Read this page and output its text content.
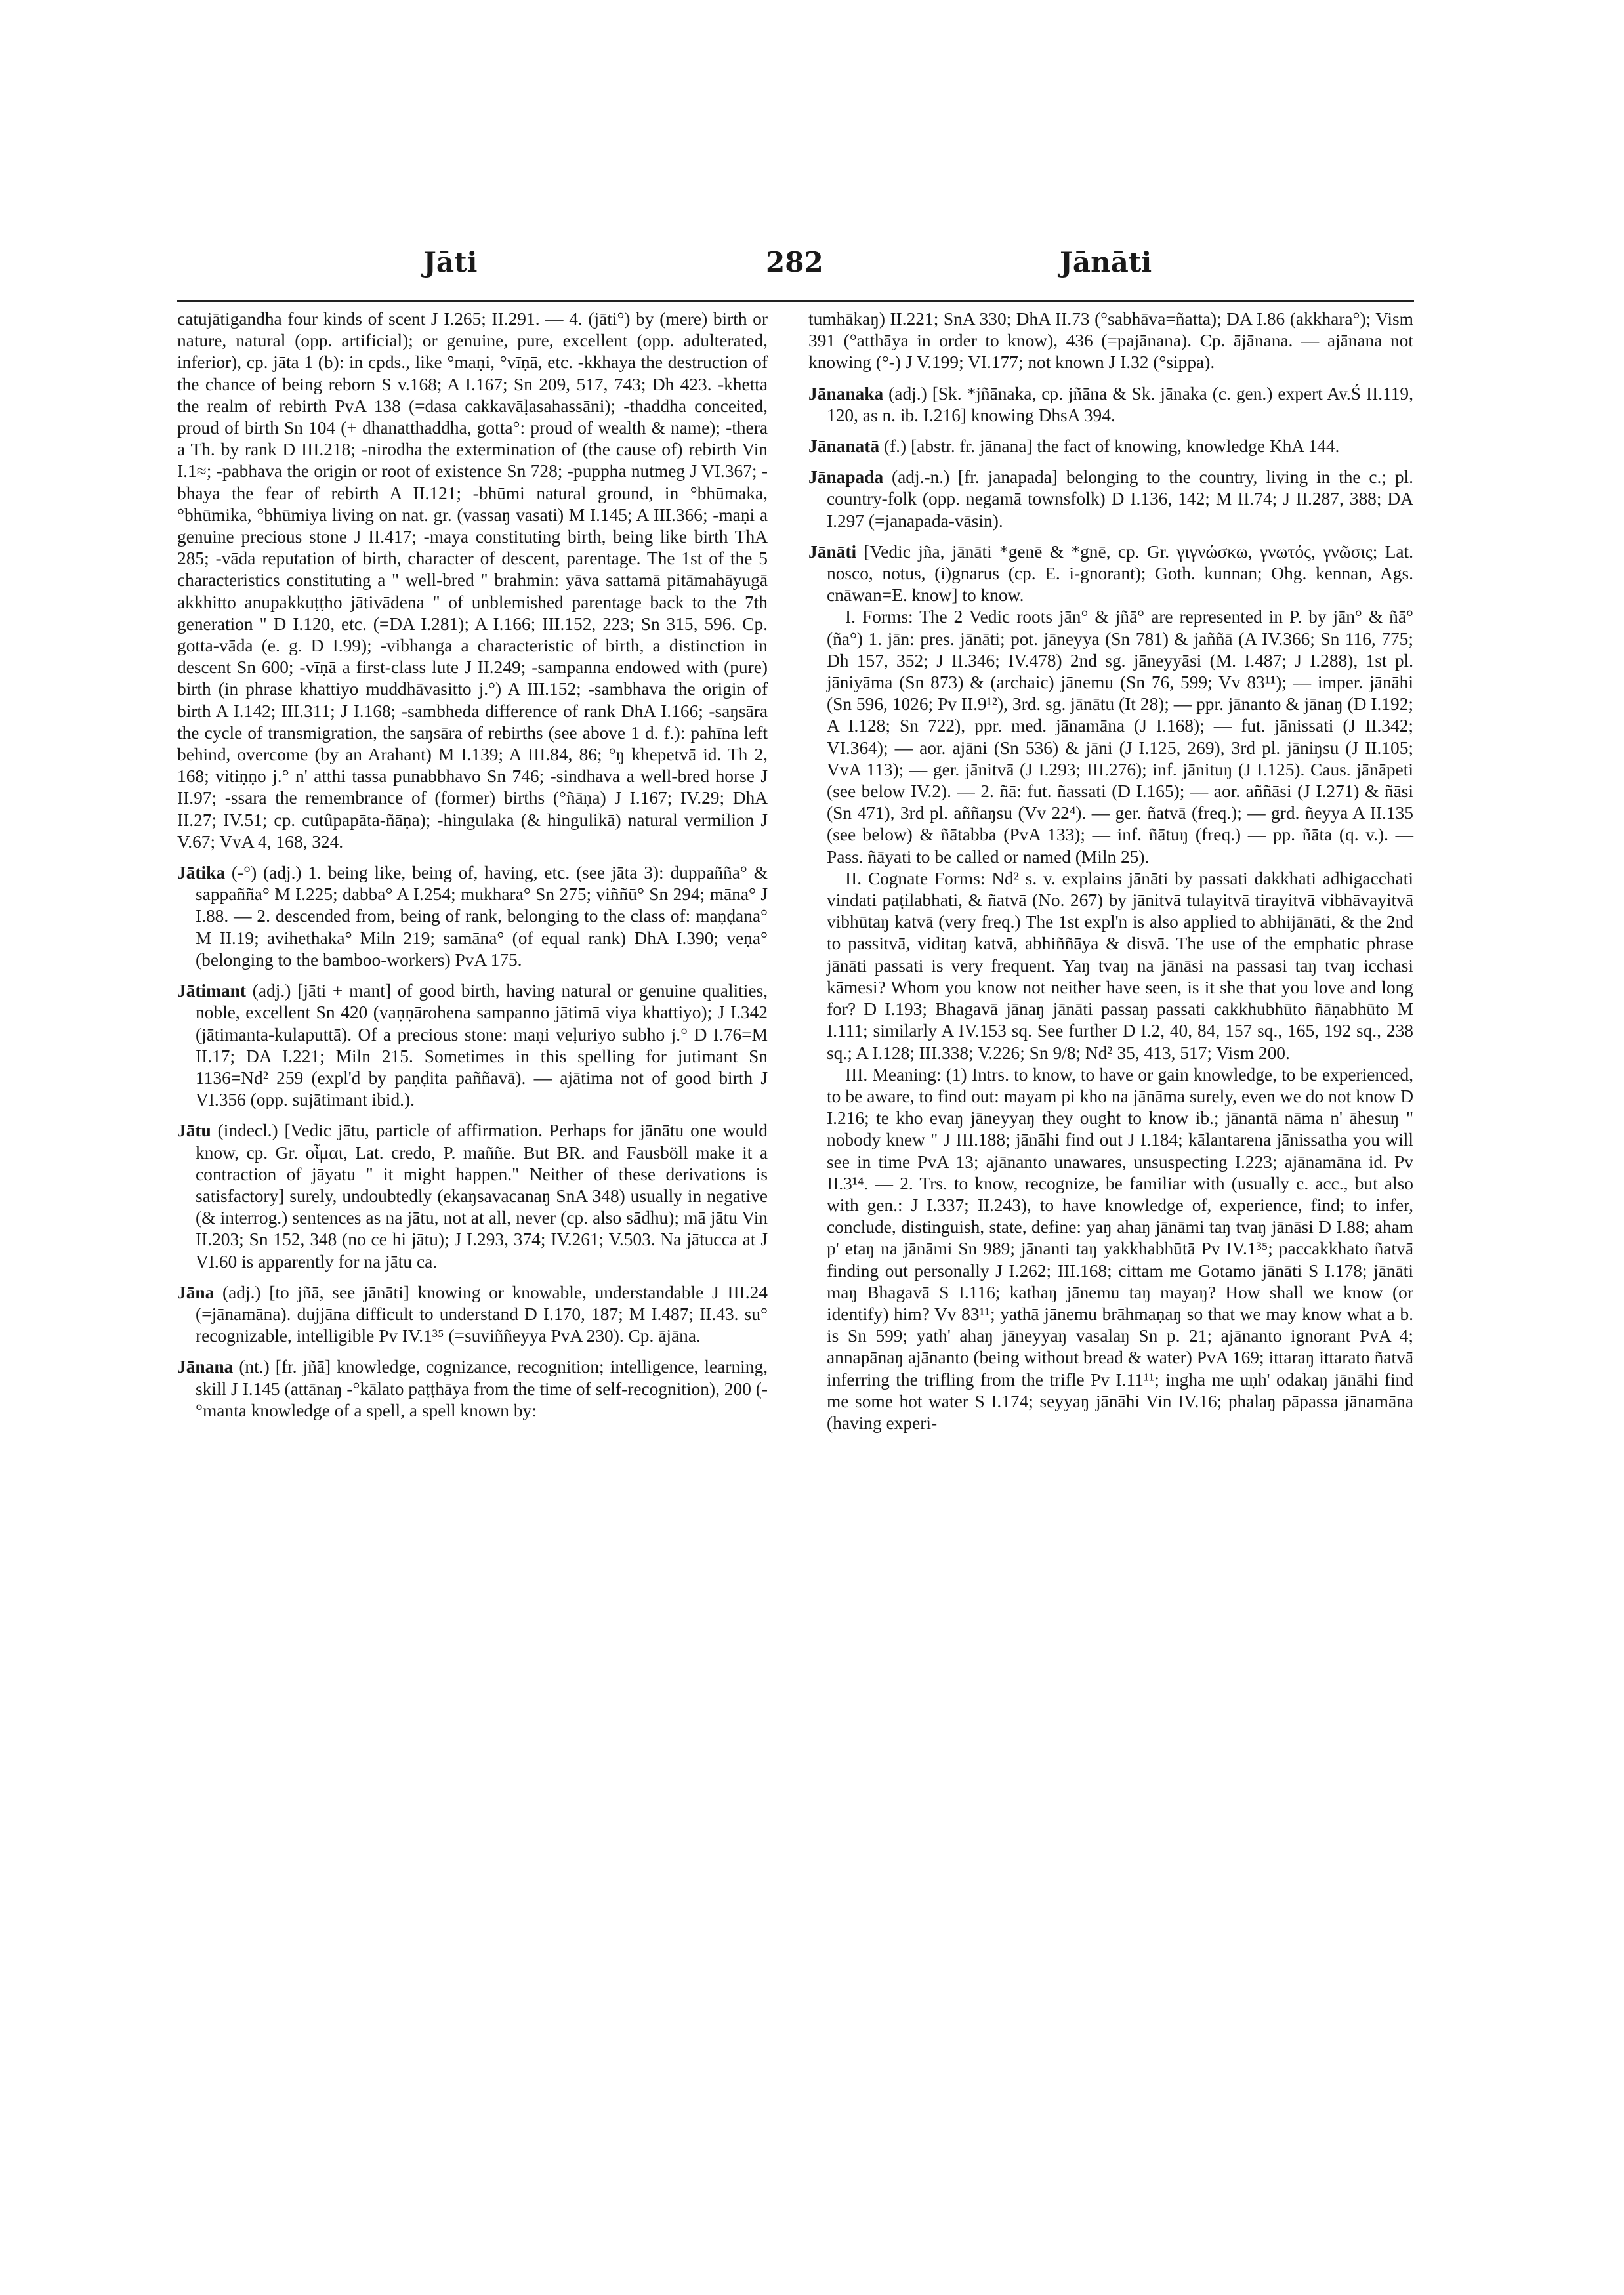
Jāti	282	Jānāti
catujātigandha four kinds of scent J I.265; II.291. — 4. (jāti°) by (mere) birth or nature, natural (opp. artificial); or genuine, pure, excellent (opp. adulterated, inferior), cp. jāta 1 (b): in cpds., like °maṇi, °vīṇā, etc. -kkhaya the destruction of the chance of being reborn S v.168; A I.167; Sn 209, 517, 743; Dh 423. -khetta the realm of rebirth PvA 138 (=dasa cakkavāḷasahassāni); -thaddha conceited, proud of birth Sn 104 (+ dhanatthaddha, gotta°: proud of wealth & name); -thera a Th. by rank D III.218; -nirodha the extermination of (the cause of) rebirth Vin I.1≈; -pabhava the origin or root of existence Sn 728; -puppha nutmeg J VI.367; -bhaya the fear of rebirth A II.121; -bhūmi natural ground, in °bhūmaka, °bhūmika, °bhūmiya living on nat. gr. (vassaŋ vasati) M I.145; A III.366; -maṇi a genuine precious stone J II.417; -maya constituting birth, being like birth ThA 285; -vāda reputation of birth, character of descent, parentage. The 1st of the 5 characteristics constituting a " well-bred " brahmin: yāva sattamā pitāmahāyugā akkhitto anupakkuṭṭho jātivādena " of unblemished parentage back to the 7th generation " D I.120, etc. (=DA I.281); A I.166; III.152, 223; Sn 315, 596. Cp. gotta-vāda (e. g. D I.99); -vibhanga a characteristic of birth, a distinction in descent Sn 600; -vīṇā a first-class lute J II.249; -sampanna endowed with (pure) birth (in phrase khattiyo muddhāvasitto j.°) A III.152; -sambhava the origin of birth A I.142; III.311; J I.168; -sambheda difference of rank DhA I.166; -saŋsāra the cycle of transmigration, the saŋsāra of rebirths (see above 1 d. f.): pahīna left behind, overcome (by an Arahant) M I.139; A III.84, 86; °ŋ khepetvā id. Th 2, 168; vitiṇṇo j.° n' atthi tassa punabbhavo Sn 746; -sindhava a well-bred horse J II.97; -ssara the remembrance of (former) births (°ñāṇa) J I.167; IV.29; DhA II.27; IV.51; cp. cutûpapāta-ñāṇa); -hingulaka (& hingulikā) natural vermilion J V.67; VvA 4, 168, 324.
Jātika (-°) (adj.) 1. being like, being of, having, etc. (see jāta 3): duppañña° & sappañña° M I.225; dabba° A I.254; mukhara° Sn 275; viññū° Sn 294; māna° J I.88. — 2. descended from, being of rank, belonging to the class of: maṇḍana° M II.19; avihethaka° Miln 219; samāna° (of equal rank) DhA I.390; veṇa° (belonging to the bamboo-workers) PvA 175.
Jātimant (adj.) [jāti + mant] of good birth, having natural or genuine qualities, noble, excellent Sn 420 (vaṇṇārohena sampanno jātimā viya khattiyo); J I.342 (jātimanta-kulaputtā). Of a precious stone: maṇi veḷuriyo subho j.° D I.76=M II.17; DA I.221; Miln 215. Sometimes in this spelling for jutimant Sn 1136=Nd² 259 (expl'd by paṇḍita paññavā). — ajātima not of good birth J VI.356 (opp. sujātimant ibid.).
Jātu (indecl.) [Vedic jātu, particle of affirmation. Perhaps for jānātu one would know, cp. Gr. οἶμαι, Lat. credo, P. maññe. But BR. and Fausböll make it a contraction of jāyatu " it might happen." Neither of these derivations is satisfactory] surely, undoubtedly (ekaŋsavacanaŋ SnA 348) usually in negative (& interrog.) sentences as na jātu, not at all, never (cp. also sādhu); mā jātu Vin II.203; Sn 152, 348 (no ce hi jātu); J I.293, 374; IV.261; V.503. Na jātucca at J VI.60 is apparently for na jātu ca.
Jāna (adj.) [to jñā, see jānāti] knowing or knowable, understandable J III.24 (=jānamāna). dujjāna difficult to understand D I.170, 187; M I.487; II.43. su° recognizable, intelligible Pv IV.1³⁵ (=suviññeyya PvA 230). Cp. ājāna.
Jānana (nt.) [fr. jñā] knowledge, cognizance, recognition; intelligence, learning, skill J I.145 (attānaŋ -°kālato paṭṭhāya from the time of self-recognition), 200 (-°manta knowledge of a spell, a spell known by:
tumhākaŋ) II.221; SnA 330; DhA II.73 (°sabhāva=ñatta); DA I.86 (akkhara°); Vism 391 (°atthāya in order to know), 436 (=pajānana). Cp. ājānana. — ajānana not knowing (°-) J V.199; VI.177; not known J I.32 (°sippa).
Jānanaka (adj.) [Sk. *jñānaka, cp. jñāna & Sk. jānaka (c. gen.) expert Av.Ś II.119, 120, as n. ib. I.216] knowing DhsA 394.
Jānanatā (f.) [abstr. fr. jānana] the fact of knowing, knowledge KhA 144.
Jānapada (adj.-n.) [fr. janapada] belonging to the country, living in the c.; pl. country-folk (opp. negamā townsfolk) D I.136, 142; M II.74; J II.287, 388; DA I.297 (=janapada-vāsin).
Jānāti [Vedic jña, jānāti *genē & *gnē, cp. Gr. γιγνώσκω, γνωτός, γνῶσις; Lat. nosco, notus, (i)gnarus (cp. E. i-gnorant); Goth. kunnan; Ohg. kennan, Ags. cnāwan=E. know] to know.

I. Forms: The 2 Vedic roots jān° & jñā° are represented in P. by jān° & ñā° (ña°) 1. jān: pres. jānāti; pot. jāneyya (Sn 781) & jaññā (A IV.366; Sn 116, 775; Dh 157, 352; J II.346; IV.478) 2nd sg. jāneyyāsi (M. I.487; J I.288), 1st pl. jāniyāma (Sn 873) & (archaic) jānemu (Sn 76, 599; Vv 83¹¹); — imper. jānāhi (Sn 596, 1026; Pv II.9¹²), 3rd. sg. jānātu (It 28); — ppr. jānanto & jānaŋ (D I.192; A I.128; Sn 722), ppr. med. jānamāna (J I.168); — fut. jānissati (J II.342; VI.364); — aor. ajāni (Sn 536) & jāni (J I.125, 269), 3rd pl. jāniŋsu (J II.105; VvA 113); — ger. jānitvā (J I.293; III.276); inf. jānituŋ (J I.125). Caus. jānāpeti (see below IV.2). — 2. ñā: fut. ñassati (D I.165); — aor. aññāsi (J I.271) & ñāsi (Sn 471), 3rd pl. aññaŋsu (Vv 22⁴). — ger. ñatvā (freq.); — grd. ñeyya A II.135 (see below) & ñātabba (PvA 133); — inf. ñātuŋ (freq.) — pp. ñāta (q. v.). — Pass. ñāyati to be called or named (Miln 25).

II. Cognate Forms: Nd² s. v. explains jānāti by passati dakkhati adhigacchati vindati paṭilabhati, & ñatvā (No. 267) by jānitvā tulayitvā tirayitvā vibhāvayitvā vibhūtaŋ katvā (very freq.) The 1st expl'n is also applied to abhijānāti, & the 2nd to passitvā, viditaŋ katvā, abhiññāya & disvā. The use of the emphatic phrase jānāti passati is very frequent. Yaŋ tvaŋ na jānāsi na passasi taŋ tvaŋ icchasi kāmesi? Whom you know not neither have seen, is it she that you love and long for? D I.193; Bhagavā jānaŋ jānāti passaŋ passati cakkhubhūto ñāṇabhūto M I.111; similarly A IV.153 sq. See further D I.2, 40, 84, 157 sq., 165, 192 sq., 238 sq.; A I.128; III.338; V.226; Sn 9/8; Nd² 35, 413, 517; Vism 200.

III. Meaning: (1) Intrs. to know, to have or gain knowledge, to be experienced, to be aware, to find out: mayam pi kho na jānāma surely, even we do not know D I.216; te kho evaŋ jāneyyaŋ they ought to know ib.; jānantā nāma n' āhesuŋ " nobody knew " J III.188; jānāhi find out J I.184; kālantarena jānissatha you will see in time PvA 13; ajānanto unawares, unsuspecting I.223; ajānamāna id. Pv II.3¹⁴. — 2. Trs. to know, recognize, be familiar with (usually c. acc., but also with gen.: J I.337; II.243), to have knowledge of, experience, find; to infer, conclude, distinguish, state, define: yaŋ ahaŋ jānāmi taŋ tvaŋ jānāsi D I.88; aham p' etaŋ na jānāmi Sn 989; jānanti taŋ yakkhabhūtā Pv IV.1³⁵; paccakkhato ñatvā finding out personally J I.262; III.168; cittam me Gotamo jānāti S I.178; jānāti maŋ Bhagavā S I.116; kathaŋ jānemu taŋ mayaŋ? How shall we know (or identify) him? Vv 83¹¹; yathā jānemu brāhmaṇaŋ so that we may know what a b. is Sn 599; yath' ahaŋ jāneyyaŋ vasalaŋ Sn p. 21; ajānanto ignorant PvA 4; annapānaŋ ajānanto (being without bread & water) PvA 169; ittaraŋ ittarato ñatvā inferring the trifling from the trifle Pv I.11¹¹; ingha me uṇh' odakaŋ jānāhi find me some hot water S I.174; seyyaŋ jānāhi Vin IV.16; phalaŋ pāpassa jānamāna (having experi-
